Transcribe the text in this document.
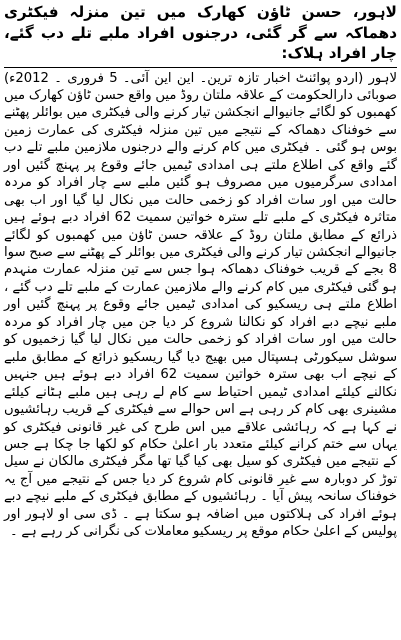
لاہور، حسن ٹاؤن کھارک میں تین منزلہ فیکٹری دھماکہ سے گر گئی، درجنوں افراد ملبے تلے دب گئے، چار افراد ہلاک:

لاہور (اردو پوائنٹ اخبار تازہ ترین۔ این این آئی۔ 5 فروری ۔ 2012ء) صوبائی دارالحکومت کے علاقہ ملتان روڈ میں واقع حسن ٹاؤن کھارک میں کھمبوں کو لگائے جانیوالے انجکشن تیار کرنے والی فیکٹری میں بوائلر پھٹنے سے خوفناک دھماکہ کے نتیجے میں تین منزلہ فیکٹری کی عمارت زمین بوس ہو گئی ۔ فیکٹری میں کام کرنے والے درجنوں ملازمین ملبے تلے دب گئے واقع کی اطلاع ملتے ہی امدادی ٹیمیں جائے وقوع پر پہنچ گئیں اور امدادی سرگرمیوں میں مصروف ہو گئیں ملبے سے چار افراد کو مردہ حالت میں اور سات افراد کو زخمی حالت میں نکال لیا گیا اور اب بھی متاثرہ فیکٹری کے ملبے تلے سترہ خواتین سمیت 62 افراد دبے ہوئے ہیں ذرائع کے مطابق ملتان روڈ کے علاقہ حسن ٹاؤن میں کھمبوں کو لگائے جانیوالے انجکشن تیار کرنے والی فیکٹری میں بوائلر کے پھٹنے سے صبح سوا 8 بجے کے قریب خوفناک دھماکہ ہوا جس سے تین منزلہ عمارت منہدم ہو گئی فیکٹری میں کام کرنے والے ملازمین عمارت کے ملبے تلے دب گئے ، اطلاع ملتے ہی ریسکیو کی امدادی ٹیمیں جائے وقوع پر پہنچ گئیں اور ملبے نیچے دبے افراد کو نکالنا شروع کر دیا جن میں چار افراد کو مردہ حالت میں اور سات افراد کو زخمی حالت میں نکال لیا گیا زخمیوں کو سوشل سیکورٹی ہسپتال میں بھیج دیا گیا ریسکیو ذرائع کے مطابق ملبے کے نیچے اب بھی سترہ خواتین سمیت 62 افراد دبے ہوئے ہیں جنہیں نکالنے کیلئے امدادی ٹیمیں احتیاط سے کام لے رہی ہیں ملبے ہٹانے کیلئے مشینری بھی کام کر رہی ہے اس حوالے سے فیکٹری کے قریب رہائشیوں نے کہا ہے کہ رہائشی علاقے میں اس طرح کی غیر قانونی فیکٹری کو یہاں سے ختم کرانے کیلئے متعدد بار اعلیٰ حکام کو لکھا جا چکا ہے جس کے نتیجے میں فیکٹری کو سیل بھی کیا گیا تھا مگر فیکٹری مالکان نے سیل توڑ کر دوبارہ سے غیر قانونی کام شروع کر دیا جس کے نتیجے میں آج یہ خوفناک سانحہ پیش آیا ۔ رہائشیوں کے مطابق فیکٹری کے ملبے نیچے دبے ہوئے افراد کی ہلاکتوں میں اضافہ ہو سکتا ہے ۔ ڈی سی او لاہور اور پولیس کے اعلیٰ حکام موقع پر ریسکیو معاملات کی نگرانی کر رہے ہے ۔
